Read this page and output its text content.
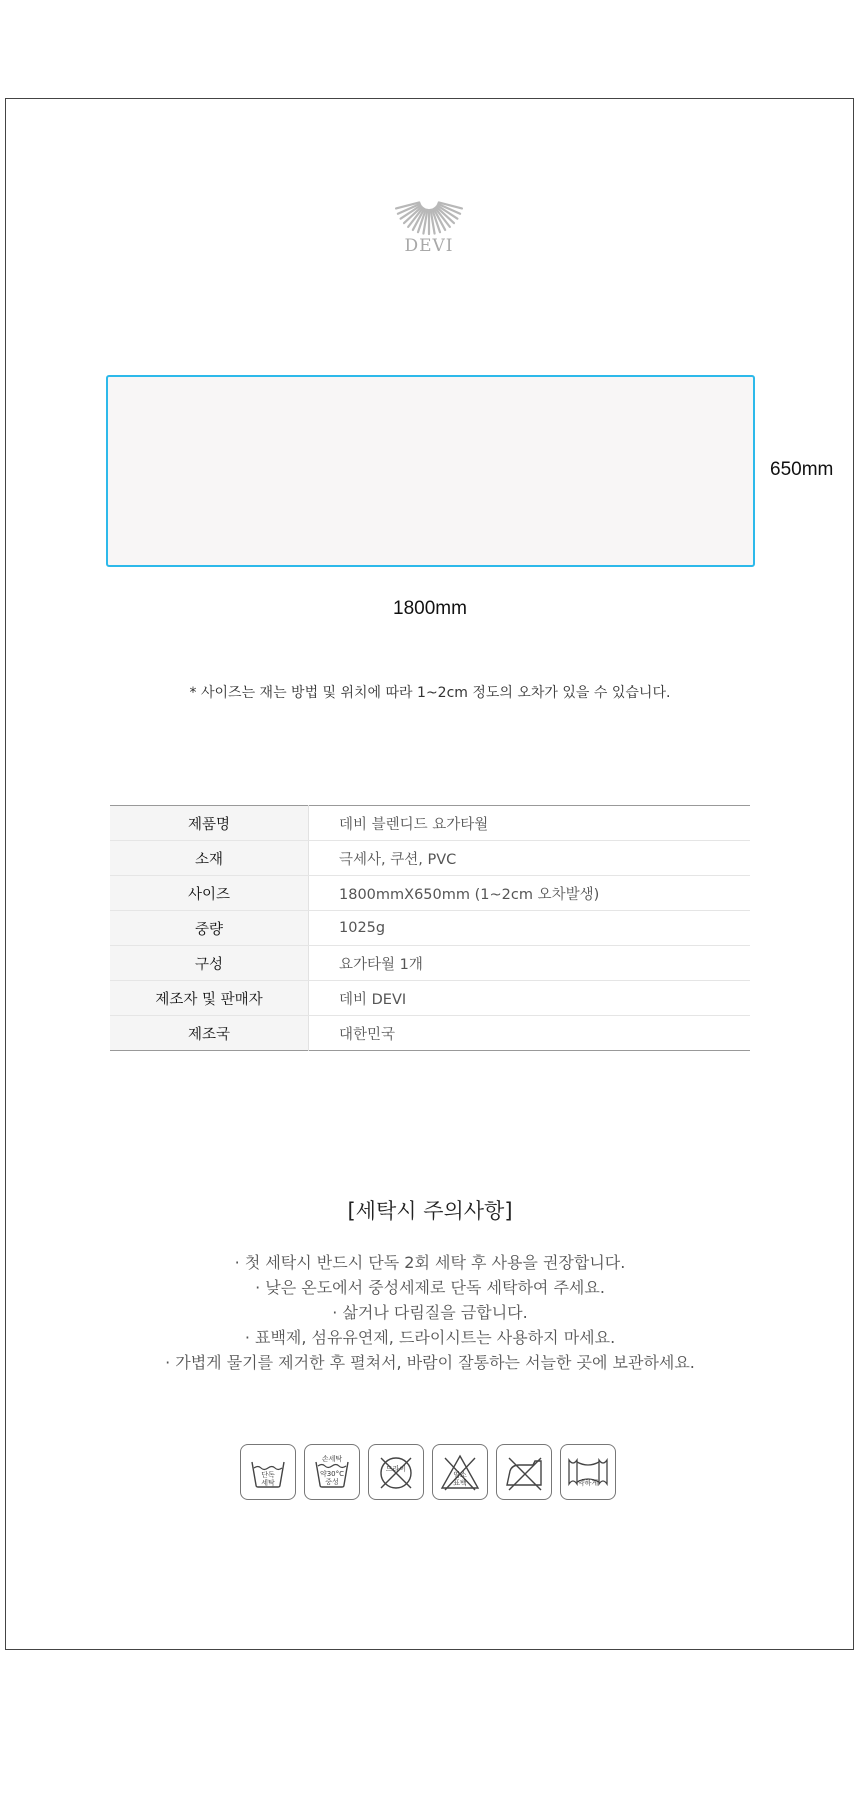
DEVI
650mm
1800mm
* 사이즈는 재는 방법 및 위치에 따라 1~2cm 정도의 오차가 있을 수 있습니다.
제품명	데비 블렌디드 요가타월
소재	극세사, 쿠션, PVC
사이즈	1800mmX650mm (1~2cm 오차발생)
중량	1025g
구성	요가타월 1개
제조자 및 판매자	데비 DEVI
제조국	대한민국
[세탁시 주의사항]
· 첫 세탁시 반드시 단독 2회 세탁 후 사용을 권장합니다.
· 낮은 온도에서 중성세제로 단독 세탁하여 주세요.
· 삶거나 다림질을 금합니다.
· 표백제, 섬유유연제, 드라이시트는 사용하지 마세요.
· 가볍게 물기를 제거한 후 펼쳐서, 바람이 잘통하는 서늘한 곳에 보관하세요.
단독
세탁
손세탁
약30°C
중성
드라이
염소
표백	약하게
